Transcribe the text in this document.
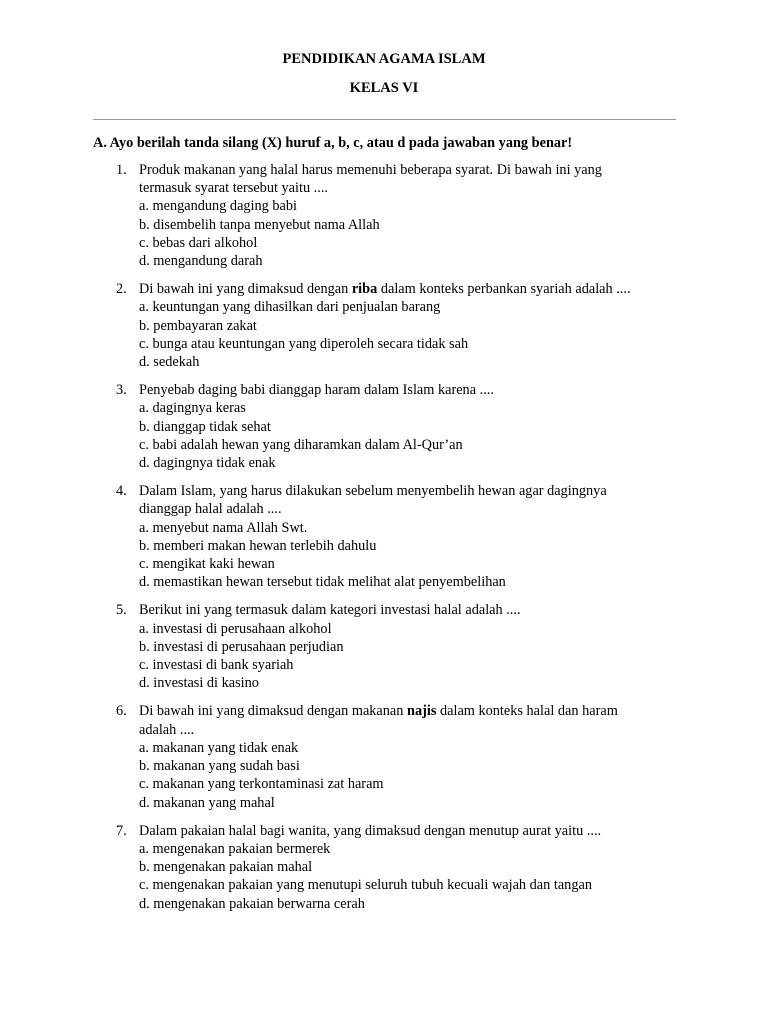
PENDIDIKAN AGAMA ISLAM
KELAS VI
A. Ayo berilah tanda silang (X) huruf a, b, c, atau d pada jawaban yang benar!
1. Produk makanan yang halal harus memenuhi beberapa syarat. Di bawah ini yang
termasuk syarat tersebut yaitu ....
a. mengandung daging babi
b. disembelih tanpa menyebut nama Allah
c. bebas dari alkohol
d. mengandung darah
2. Di bawah ini yang dimaksud dengan riba dalam konteks perbankan syariah adalah ....
a. keuntungan yang dihasilkan dari penjualan barang
b. pembayaran zakat
c. bunga atau keuntungan yang diperoleh secara tidak sah
d. sedekah
3. Penyebab daging babi dianggap haram dalam Islam karena ....
a. dagingnya keras
b. dianggap tidak sehat
c. babi adalah hewan yang diharamkan dalam Al-Qur’an
d. dagingnya tidak enak
4. Dalam Islam, yang harus dilakukan sebelum menyembelih hewan agar dagingnya
dianggap halal adalah ....
a. menyebut nama Allah Swt.
b. memberi makan hewan terlebih dahulu
c. mengikat kaki hewan
d. memastikan hewan tersebut tidak melihat alat penyembelihan
5. Berikut ini yang termasuk dalam kategori investasi halal adalah ....
a. investasi di perusahaan alkohol
b. investasi di perusahaan perjudian
c. investasi di bank syariah
d. investasi di kasino
6. Di bawah ini yang dimaksud dengan makanan najis dalam konteks halal dan haram
adalah ....
a. makanan yang tidak enak
b. makanan yang sudah basi
c. makanan yang terkontaminasi zat haram
d. makanan yang mahal
7. Dalam pakaian halal bagi wanita, yang dimaksud dengan menutup aurat yaitu ....
a. mengenakan pakaian bermerek
b. mengenakan pakaian mahal
c. mengenakan pakaian yang menutupi seluruh tubuh kecuali wajah dan tangan
d. mengenakan pakaian berwarna cerah
